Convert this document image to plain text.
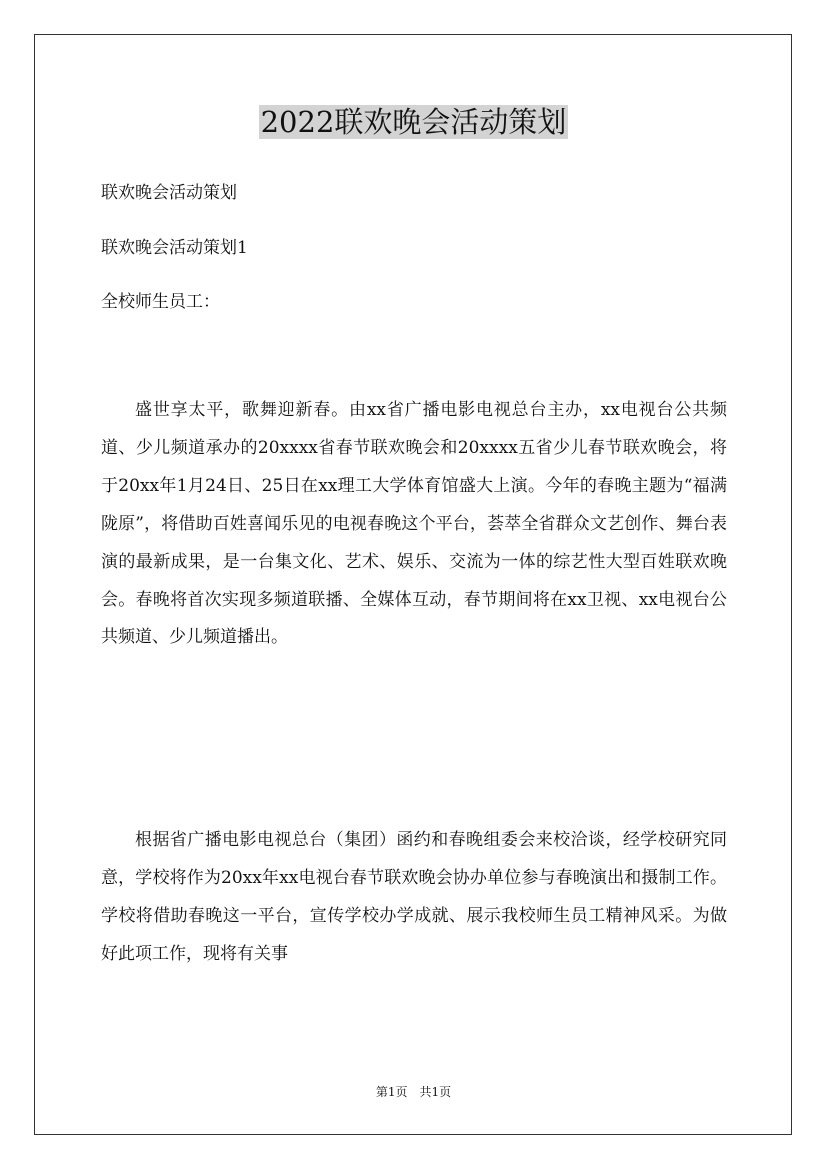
2022联欢晚会活动策划
联欢晚会活动策划
联欢晚会活动策划1
全校师生员工：

盛世享太平，歌舞迎新春。由xx省广播电影电视总台主办，xx电视台公共频道、少儿频道承办的20xxxx省春节联欢晚会和20xxxx五省少儿春节联欢晚会，将于20xx年1月24日、25日在xx理工大学体育馆盛大上演。今年的春晚主题为“福满陇原”，将借助百姓喜闻乐见的电视春晚这个平台，荟萃全省群众文艺创作、舞台表演的最新成果，是一台集文化、艺术、娱乐、交流为一体的综艺性大型百姓联欢晚会。春晚将首次实现多频道联播、全媒体互动，春节期间将在xx卫视、xx电视台公共频道、少儿频道播出。

根据省广播电影电视总台（集团）函约和春晚组委会来校洽谈，经学校研究同意，学校将作为20xx年xx电视台春节联欢晚会协办单位参与春晚演出和摄制工作。学校将借助春晚这一平台，宣传学校办学成就、展示我校师生员工精神风采。为做好此项工作，现将有关事

第1页　共1页
